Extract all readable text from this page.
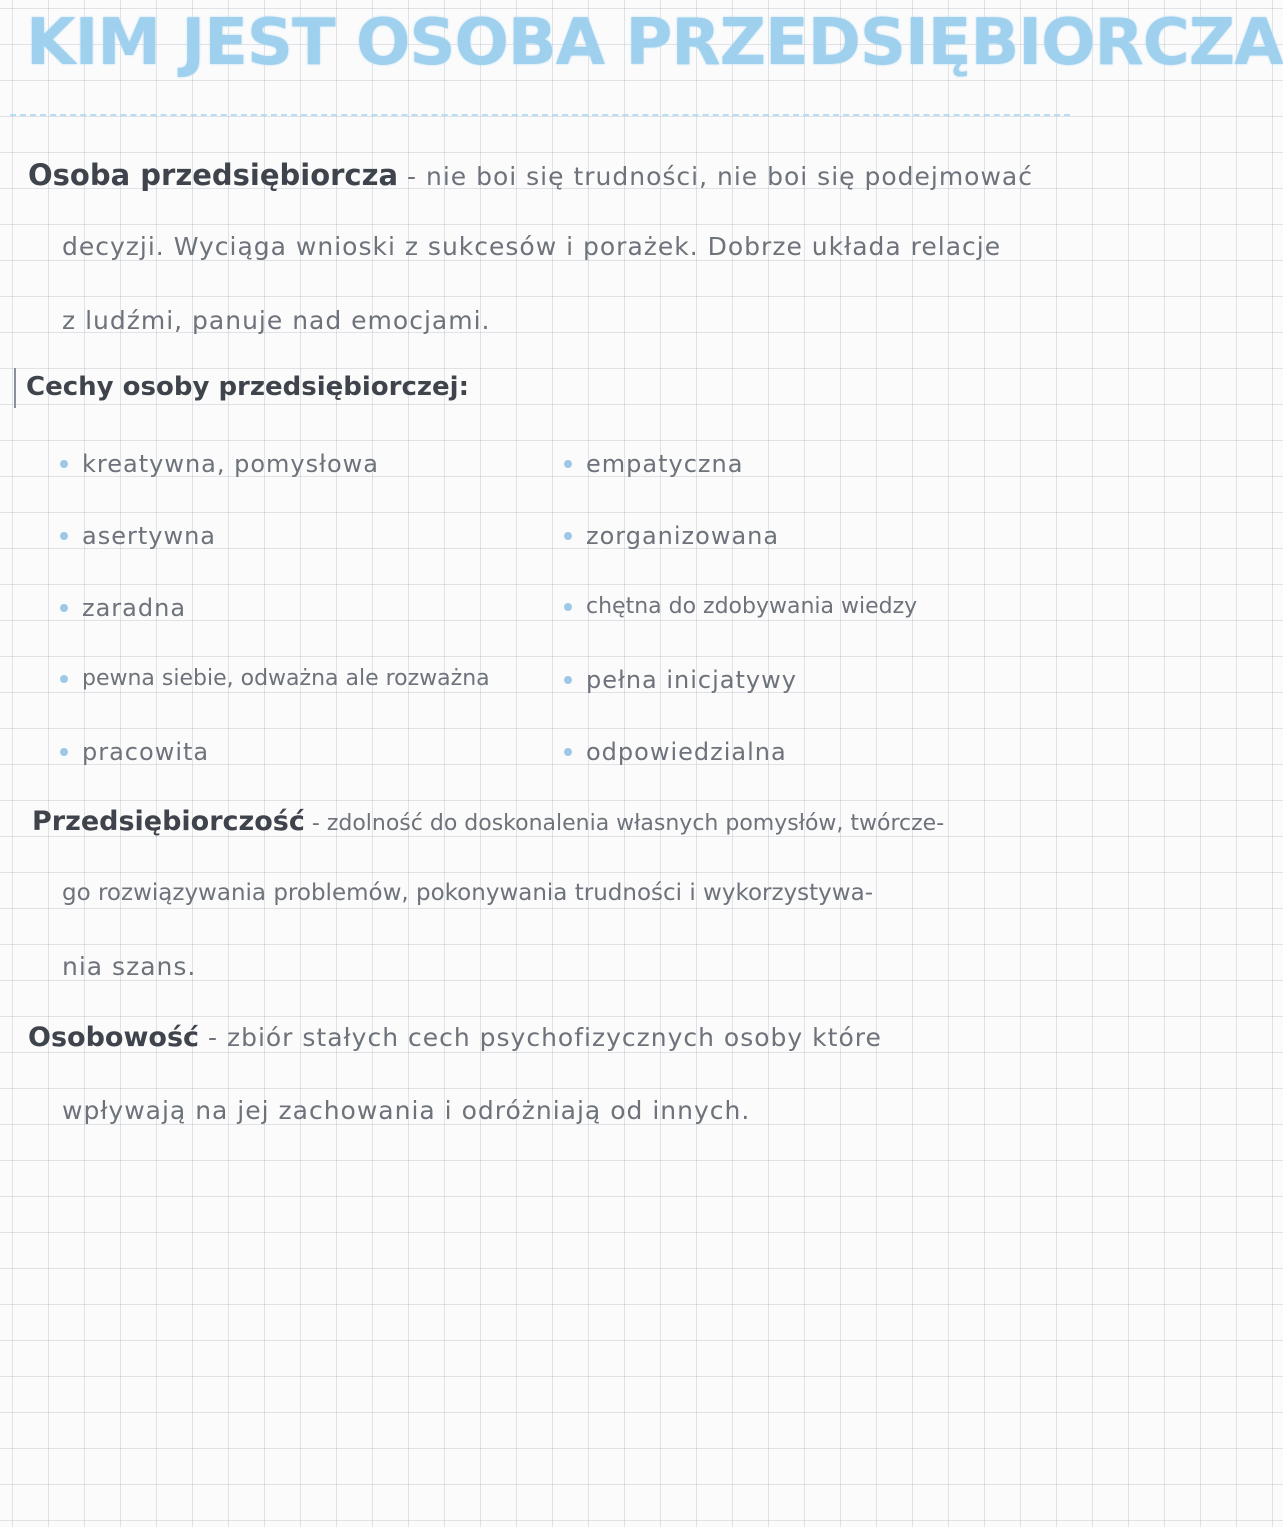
KIM JEST OSOBA PRZEDSIĘBIORCZA
Osoba przedsiębiorcza - nie boi się trudności, nie boi się podejmować
decyzji. Wyciąga wnioski z sukcesów i porażek. Dobrze układa relacje
z ludźmi, panuje nad emocjami.
Cechy osoby przedsiębiorczej:
kreatywna, pomysłowa
asertywna
zaradna
pewna siebie, odważna ale rozważna
pracowita
empatyczna
zorganizowana
chętna do zdobywania wiedzy
pełna inicjatywy
odpowiedzialna
Przedsiębiorczość - zdolność do doskonalenia własnych pomysłów, twórcze-
go rozwiązywania problemów, pokonywania trudności i wykorzystywa-
nia szans.
Osobowość - zbiór stałych cech psychofizycznych osoby które
wpływają na jej zachowania i odróżniają od innych.
